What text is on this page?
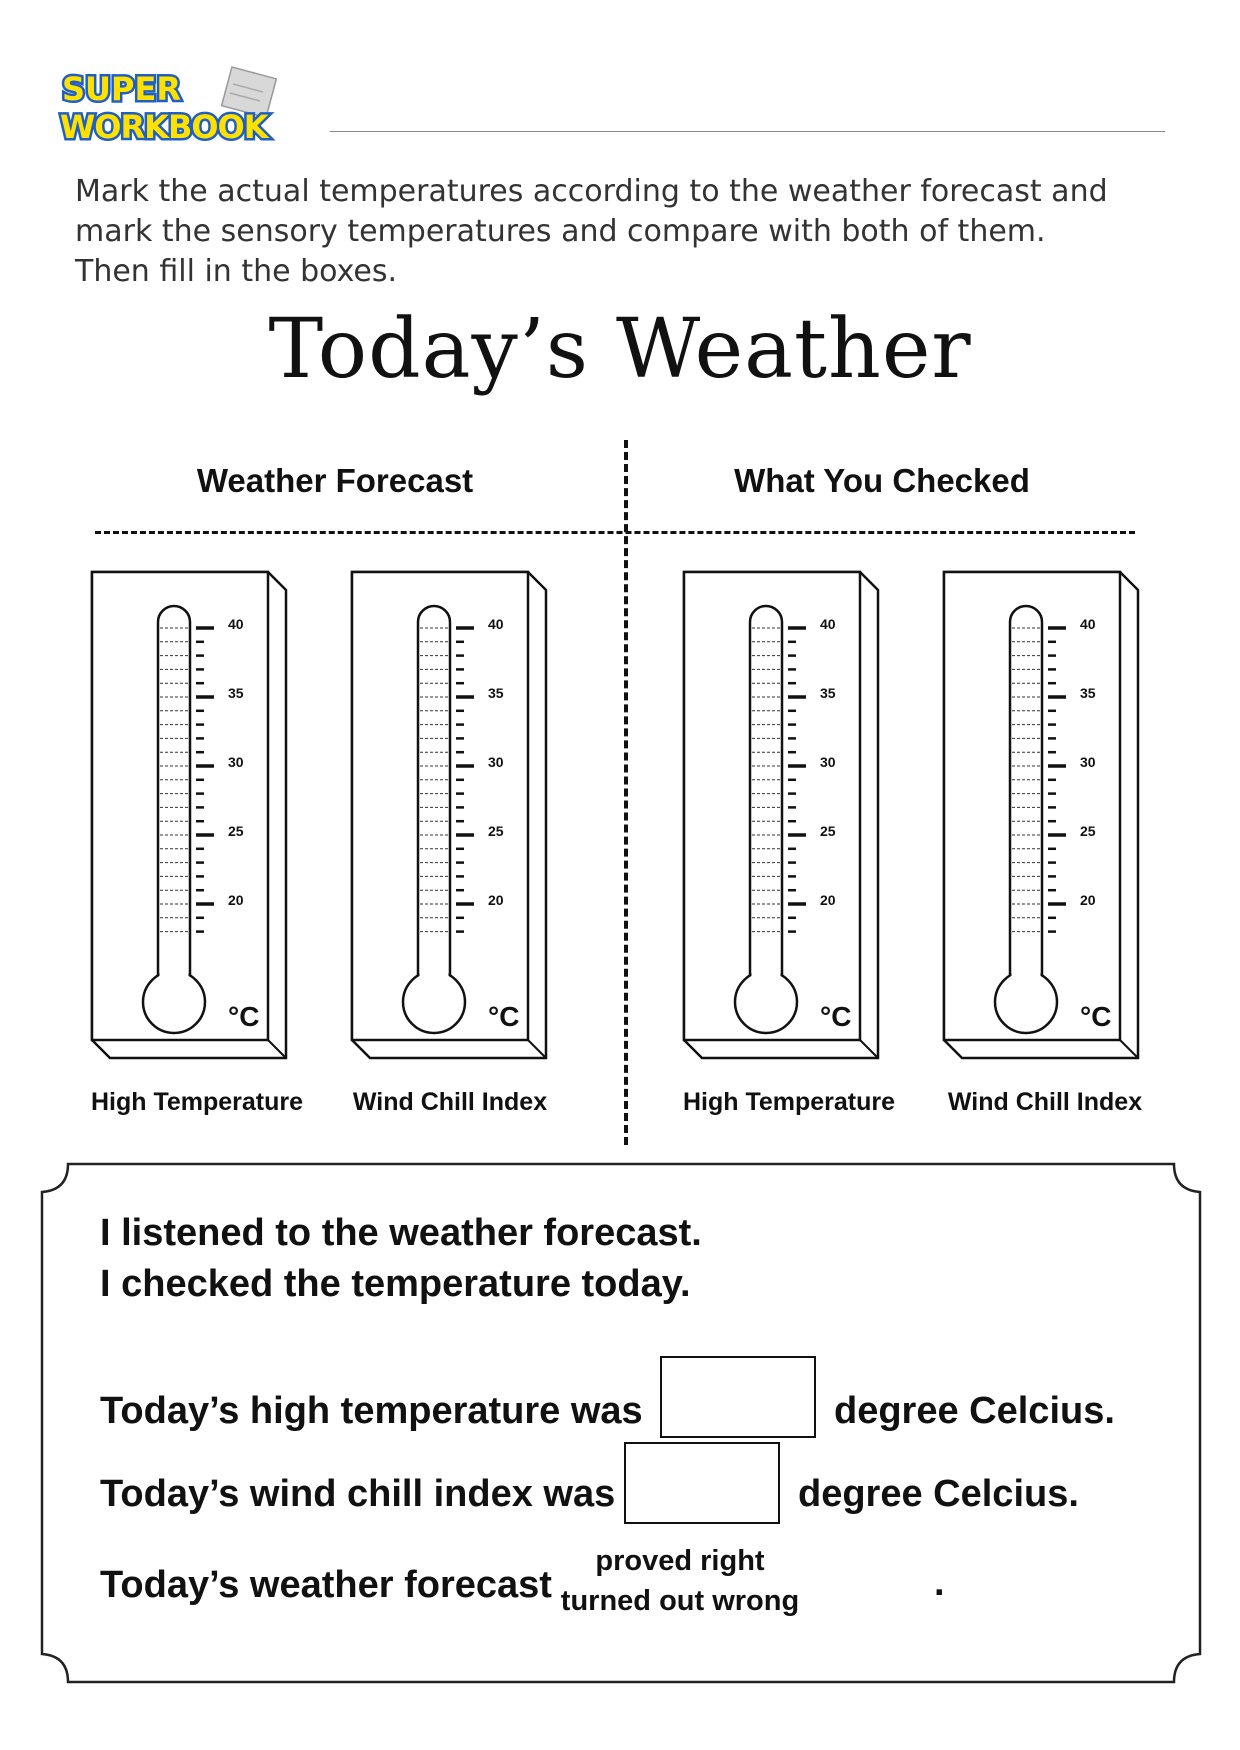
SUPER
WORKBOOK
Mark the actual temperatures according to the weather forecast and
mark the sensory temperatures and compare with both of them.
Then fill in the boxes.
Today’s Weather
Weather Forecast	What You Checked
40
35
30
25
20
°C
40
35
30
25
20
°C
40
35
30
25
20
°C
40
35
30
25
20
°C
High Temperature	Wind Chill Index	High Temperature	Wind Chill Index
I listened to the weather forecast.
I checked the temperature today.
Today’s high temperature was	degree Celcius.
Today’s wind chill index was	degree Celcius.
Today’s weather forecast
proved right
turned out wrong	.
